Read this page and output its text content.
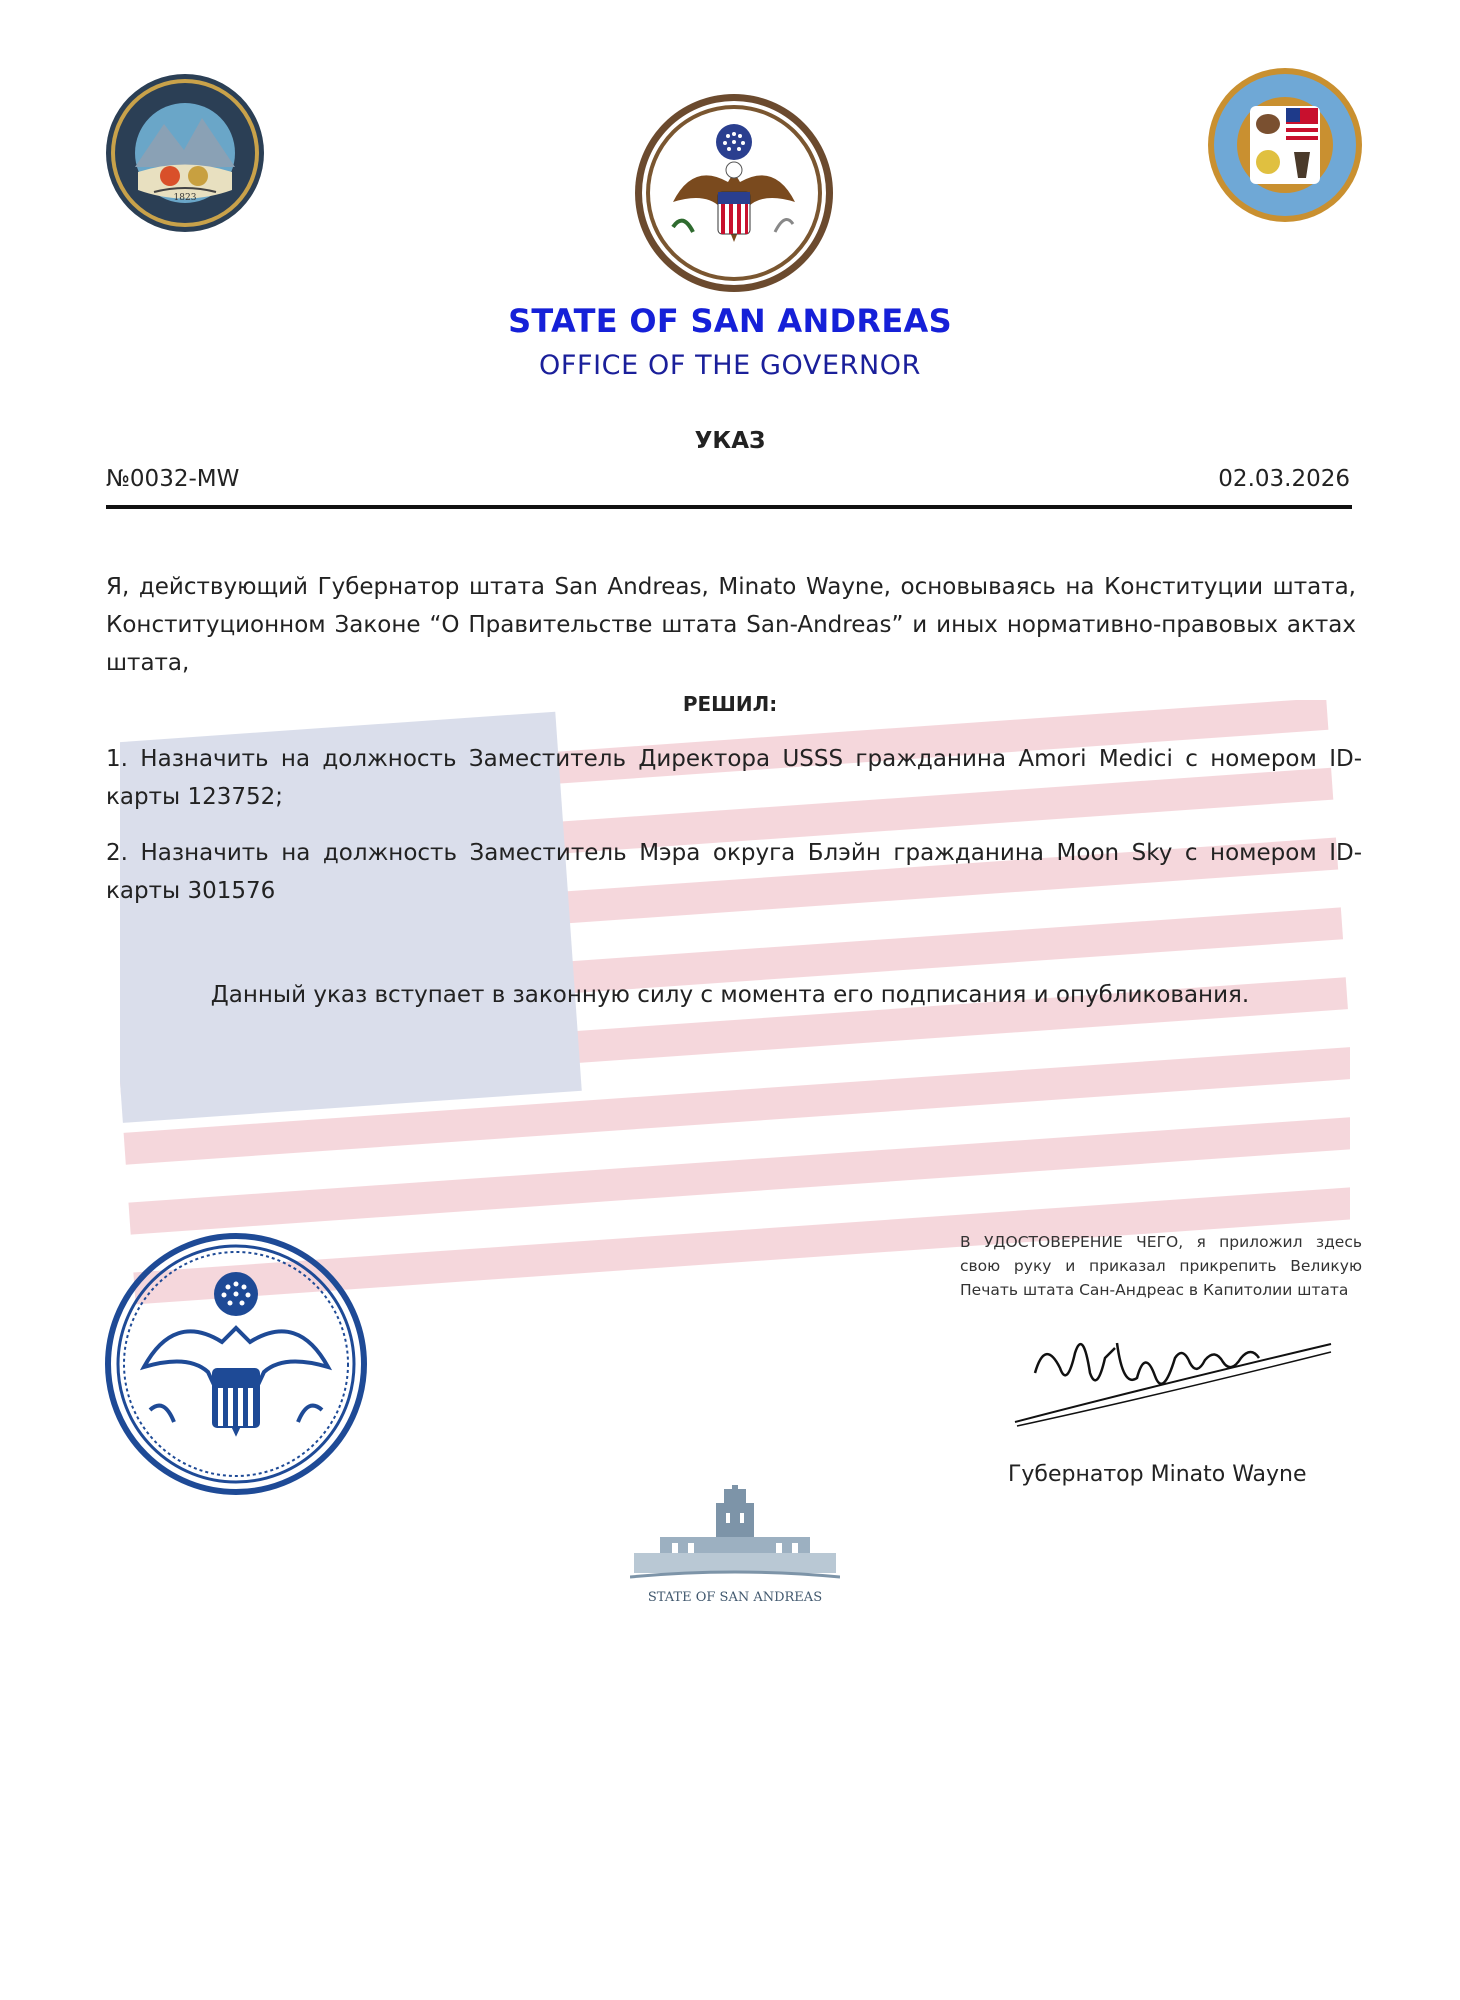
1823
STATE OF SAN ANDREAS
OFFICE OF THE GOVERNOR
УКАЗ
№0032-MW	02.03.2026
Я, действующий Губернатор штата San Andreas, Minato Wayne, основываясь на Конституции штата, Конституционном Законе “О Правительстве штата San-Andreas” и иных нормативно-правовых актах штата,
РЕШИЛ:
1. Назначить на должность Заместитель Директора USSS гражданина Amori Medici с номером ID-карты 123752;
2. Назначить на должность Заместитель Мэра округа Блэйн гражданина Moon Sky с номером ID-карты 301576
Данный указ вступает в законную силу с момента его подписания и опубликования.
В УДОСТОВЕРЕНИЕ ЧЕГО, я приложил здесь свою руку и приказал прикрепить Великую Печать штата Сан-Андреас в Капитолии штата
Губернатор Minato Wayne
STATE OF SAN ANDREAS
